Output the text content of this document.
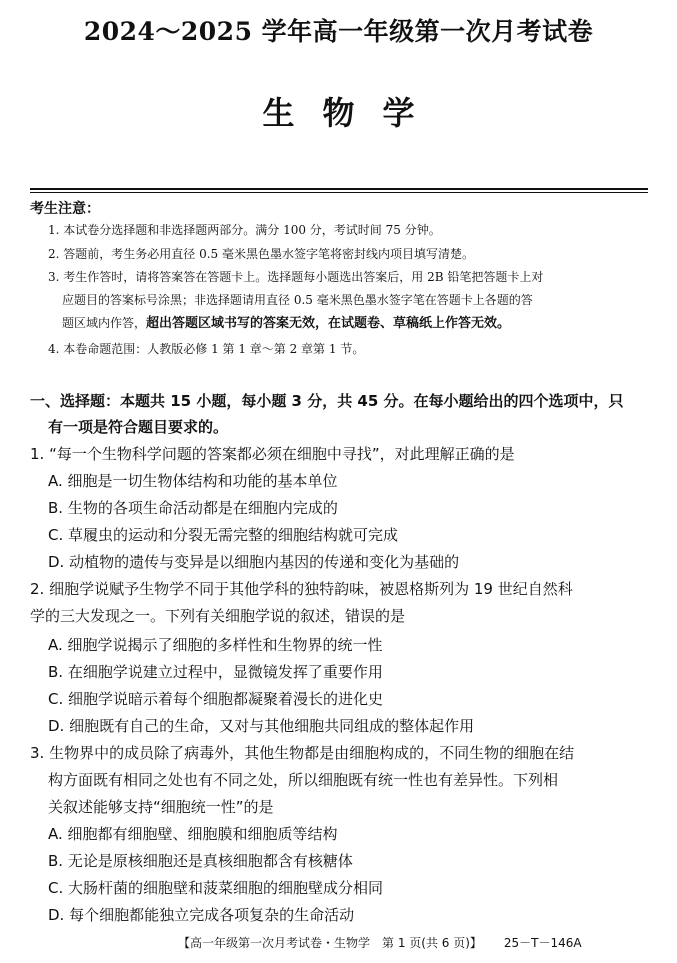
2024～2025 学年高一年级第一次月考试卷
生物学
考生注意：
1. 本试卷分选择题和非选择题两部分。满分 100 分，考试时间 75 分钟。
2. 答题前，考生务必用直径 0.5 毫米黑色墨水签字笔将密封线内项目填写清楚。
3. 考生作答时，请将答案答在答题卡上。选择题每小题选出答案后，用 2B 铅笔把答题卡上对
应题目的答案标号涂黑；非选择题请用直径 0.5 毫米黑色墨水签字笔在答题卡上各题的答
题区域内作答，超出答题区域书写的答案无效，在试题卷、草稿纸上作答无效。
4. 本卷命题范围：人教版必修 1 第 1 章～第 2 章第 1 节。
一、选择题：本题共 15 小题，每小题 3 分，共 45 分。在每小题给出的四个选项中，只
有一项是符合题目要求的。
1. “每一个生物科学问题的答案都必须在细胞中寻找”，对此理解正确的是
A. 细胞是一切生物体结构和功能的基本单位
B. 生物的各项生命活动都是在细胞内完成的
C. 草履虫的运动和分裂无需完整的细胞结构就可完成
D. 动植物的遗传与变异是以细胞内基因的传递和变化为基础的
2. 细胞学说赋予生物学不同于其他学科的独特韵味，被恩格斯列为 19 世纪自然科
学的三大发现之一。下列有关细胞学说的叙述，错误的是
A. 细胞学说揭示了细胞的多样性和生物界的统一性
B. 在细胞学说建立过程中，显微镜发挥了重要作用
C. 细胞学说暗示着每个细胞都凝聚着漫长的进化史
D. 细胞既有自己的生命，又对与其他细胞共同组成的整体起作用
3. 生物界中的成员除了病毒外，其他生物都是由细胞构成的，不同生物的细胞在结
构方面既有相同之处也有不同之处，所以细胞既有统一性也有差异性。下列相
关叙述能够支持“细胞统一性”的是
A. 细胞都有细胞壁、细胞膜和细胞质等结构
B. 无论是原核细胞还是真核细胞都含有核糖体
C. 大肠杆菌的细胞壁和菠菜细胞的细胞壁成分相同
D. 每个细胞都能独立完成各项复杂的生命活动
【高一年级第一次月考试卷・生物学　第 1 页(共 6 页)】 25－T－146A
